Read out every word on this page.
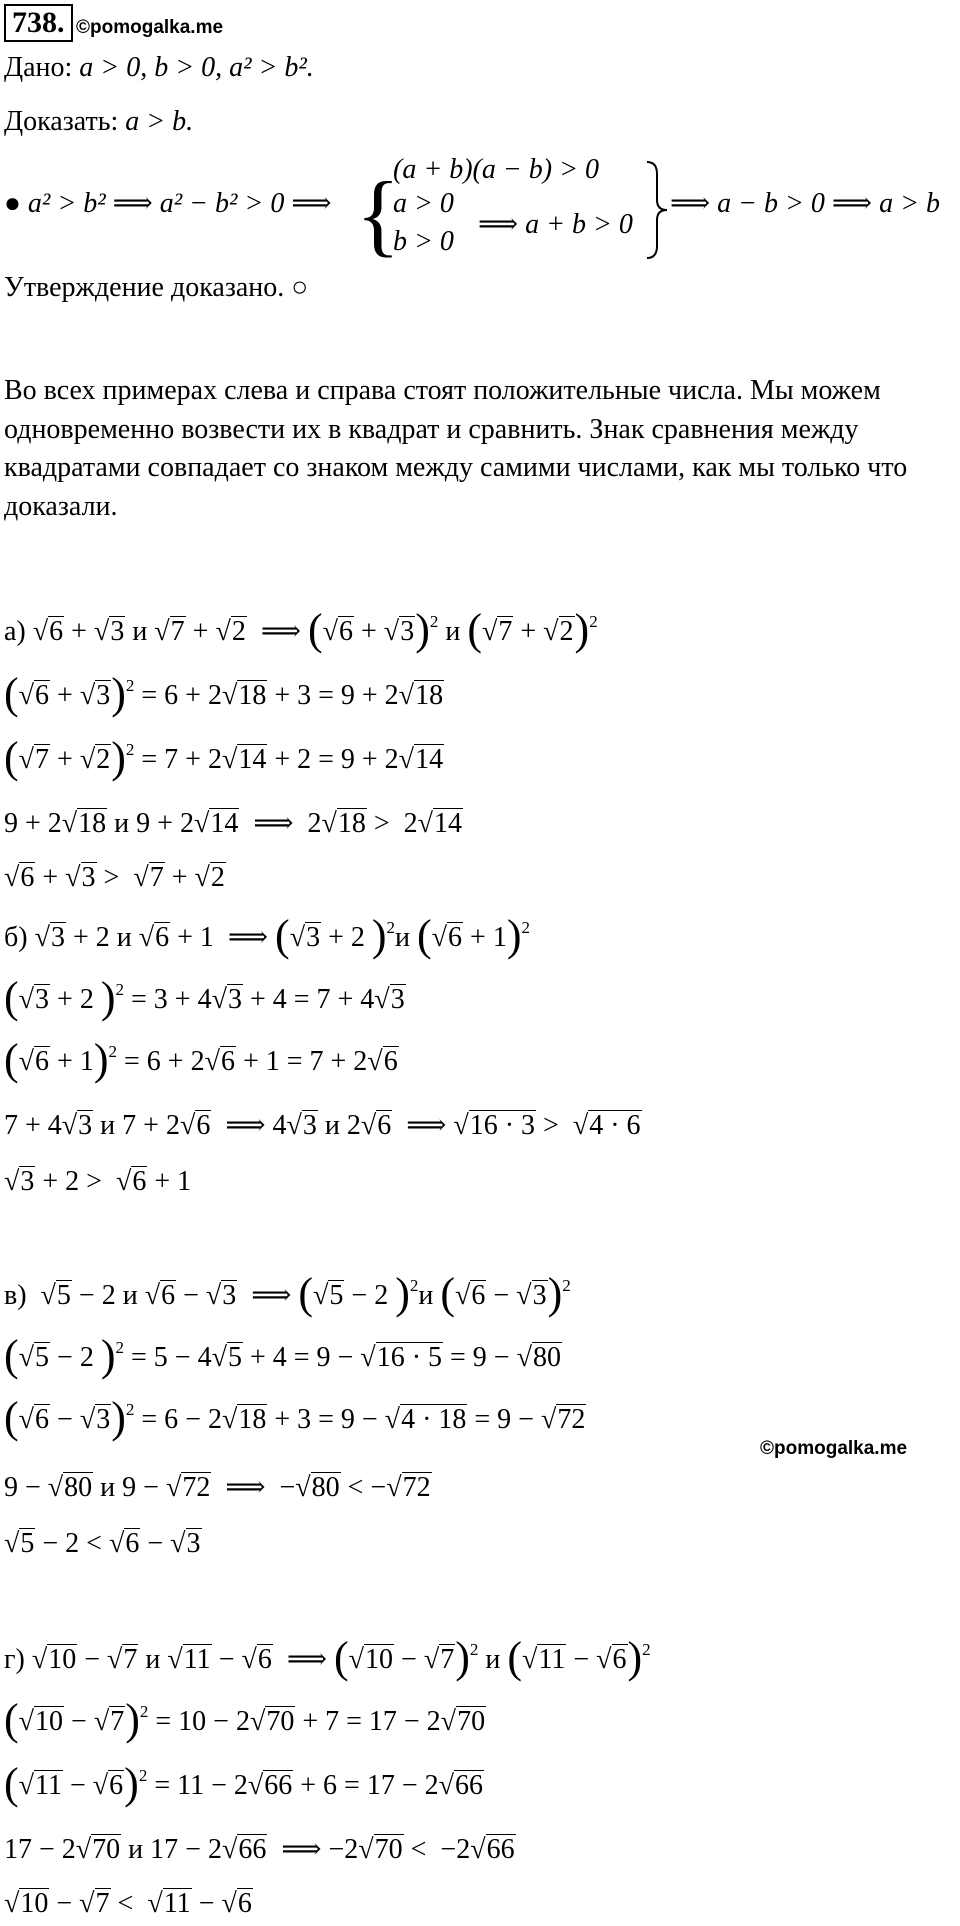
738. ©pomogalka.me
Дано: a > 0, b > 0, a² > b².
Доказать: a > b.
● a² > b² ⟹ a² − b² > 0 ⟹
(a + b)(a − b) > 0
{
a > 0
b > 0
⟹ a + b > 0
⟹ a − b > 0 ⟹ a > b
Утверждение доказано. ○
Во всех примерах слева и справа стоят положительные числа. Мы можем одновременно возвести их в квадрат и сравнить. Знак сравнения между квадратами совпадает со знаком между самими числами, как мы только что доказали.
а) √6 + √3 и √7 + √2  ⟹ $(√6 + √3)^2$ и $(√7 + √2)^2$
$(√6 + √3)^2 = 6 + 2√18 + 3 = 9 + 2√18$
$(√7 + √2)^2 = 7 + 2√14 + 2 = 9 + 2√14$
9 + 2√18 и 9 + 2√14  ⟹  2√18 >  2√14
√6 + √3 >  √7 + √2
б) √3 + 2 и √6 + 1  ⟹ (√3 + 2 )$^2$и $(√6 + 1)^2$
(√3 + 2 )$^2$ = 3 + 4√3 + 4 = 7 + 4√3
$(√6 + 1)^2 = 6 + 2√6 + 1 = 7 + 2√6$
7 + 4√3 и 7 + 2√6  ⟹ 4√3 и 2√6  ⟹ √16 · 3 >  √4 · 6
√3 + 2 >  √6 + 1
в)  √5 − 2 и √6 − √3  ⟹ (√5 − 2 )$^2$и $(√6 - √3)^2$
(√5 − 2 )$^2$ = 5 − 4√5 + 4 = 9 − √16 · 5 = 9 − √80
$(√6 - √3)^2 = 6 - 2√18 + 3 = 9 - √4 \cdot 18 = 9 - √72$
©pomogalka.me
9 − √80 и 9 − √72  ⟹  −√80 < −√72
√5 − 2 < √6 − √3
г) √10 − √7 и √11 − √6  ⟹ $(√10 - √7)^2$ и $(√11 - √6)^2$
$(√10 - √7)^2 = 10 - 2√70 + 7 = 17 - 2√70$
$(√11 - √6)^2 = 11 - 2√66 + 6 = 17 - 2√66$
17 − 2√70 и 17 − 2√66  ⟹ −2√70 <  −2√66
√10 − √7 <  √11 − √6
